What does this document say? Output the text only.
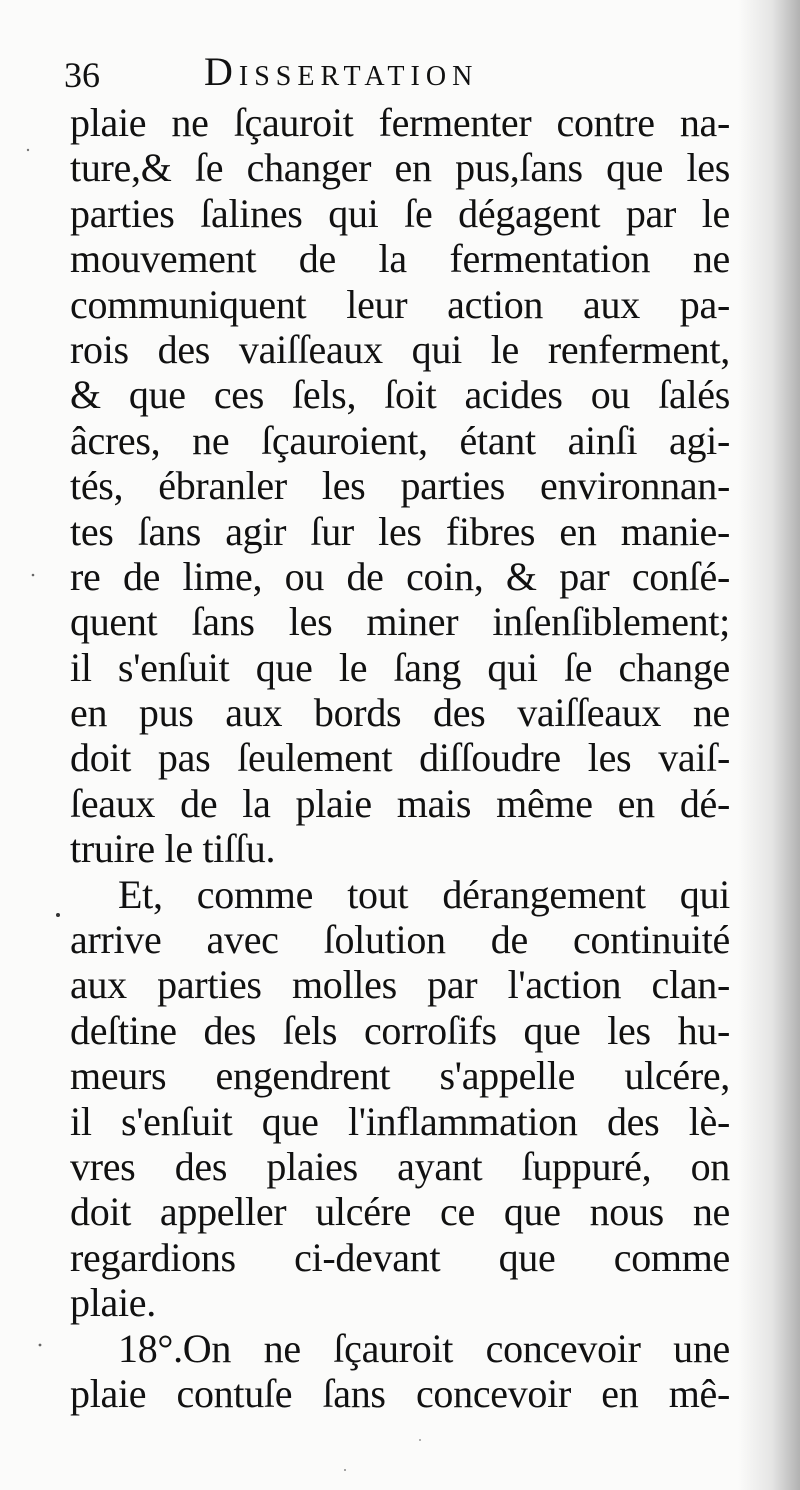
36	Dissertation
plaie ne ſçauroit fermenter contre na-
ture,& ſe changer en pus,ſans que les
parties ſalines qui ſe dégagent par le
mouvement de la fermentation ne
communiquent leur action aux pa-
rois des vaiſſeaux qui le renferment,
& que ces ſels, ſoit acides ou ſalés
âcres, ne ſçauroient, étant ainſi agi-
tés, ébranler les parties environnan-
tes ſans agir ſur les fibres en manie-
re de lime, ou de coin, & par conſé-
quent ſans les miner inſenſiblement;
il s'enſuit que le ſang qui ſe change
en pus aux bords des vaiſſeaux ne
doit pas ſeulement diſſoudre les vaiſ-
ſeaux de la plaie mais même en dé-
truire le tiſſu.
Et, comme tout dérangement qui
arrive avec ſolution de continuité
aux parties molles par l'action clan-
deſtine des ſels corroſifs que les hu-
meurs engendrent s'appelle ulcére,
il s'enſuit que l'inflammation des lè-
vres des plaies ayant ſuppuré, on
doit appeller ulcére ce que nous ne
regardions ci-devant que comme
plaie.
18°.On ne ſçauroit concevoir une
plaie contuſe ſans concevoir en mê-
